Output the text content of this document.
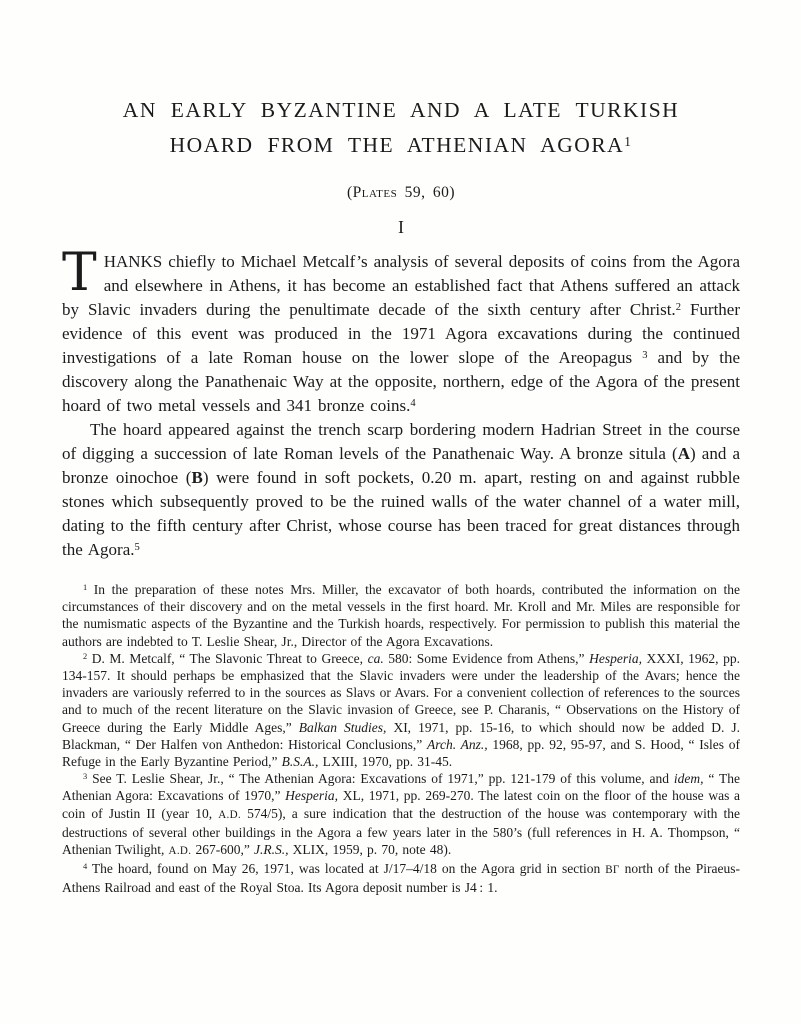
AN EARLY BYZANTINE AND A LATE TURKISH
HOARD FROM THE ATHENIAN AGORA$^1$
(Plates 59, 60)
I

THANKS chiefly to Michael Metcalf’s analysis of several deposits of coins from the Agora and elsewhere in Athens, it has become an established fact that Athens suffered an attack by Slavic invaders during the penultimate decade of the sixth century after Christ.$^2$ Further evidence of this event was produced in the 1971 Agora excavations during the continued investigations of a late Roman house on the lower slope of the Areopagus $^3$ and by the discovery along the Panathenaic Way at the opposite, northern, edge of the Agora of the present hoard of two metal vessels and 341 bronze coins.$^4$

The hoard appeared against the trench scarp bordering modern Hadrian Street in the course of digging a succession of late Roman levels of the Panathenaic Way. A bronze situla (A) and a bronze oinochoe (B) were found in soft pockets, 0.20 m. apart, resting on and against rubble stones which subsequently proved to be the ruined walls of the water channel of a water mill, dating to the fifth century after Christ, whose course has been traced for great distances through the Agora.$^5$

$^1$ In the preparation of these notes Mrs. Miller, the excavator of both hoards, contributed the information on the circumstances of their discovery and on the metal vessels in the first hoard. Mr. Kroll and Mr. Miles are responsible for the numismatic aspects of the Byzantine and the Turkish hoards, respectively. For permission to publish this material the authors are indebted to T. Leslie Shear, Jr., Director of the Agora Excavations.

$^2$ D. M. Metcalf, “ The Slavonic Threat to Greece, ca. 580: Some Evidence from Athens,” Hesperia, XXXI, 1962, pp. 134-157. It should perhaps be emphasized that the Slavic invaders were under the leadership of the Avars; hence the invaders are variously referred to in the sources as Slavs or Avars. For a convenient collection of references to the sources and to much of the recent literature on the Slavic invasion of Greece, see P. Charanis, “ Observations on the History of Greece during the Early Middle Ages,” Balkan Studies, XI, 1971, pp. 15-16, to which should now be added D. J. Blackman, “ Der Halfen von Anthedon: Historical Conclusions,” Arch. Anz., 1968, pp. 92, 95-97, and S. Hood, “ Isles of Refuge in the Early Byzantine Period,” B.S.A., LXIII, 1970, pp. 31-45.

$^3$ See T. Leslie Shear, Jr., “ The Athenian Agora: Excavations of 1971,” pp. 121-179 of this volume, and idem, “ The Athenian Agora: Excavations of 1970,” Hesperia, XL, 1971, pp. 269-270. The latest coin on the floor of the house was a coin of Justin II (year 10, A.D. 574/5), a sure indication that the destruction of the house was contemporary with the destructions of several other buildings in the Agora a few years later in the 580’s (full references in H. A. Thompson, “ Athenian Twilight, A.D. 267-600,” J.R.S., XLIX, 1959, p. 70, note 48).

$^4$ The hoard, found on May 26, 1971, was located at J/17–4/18 on the Agora grid in section ΒΓ north of the Piraeus-Athens Railroad and east of the Royal Stoa. Its Agora deposit number is J4 : 1.
